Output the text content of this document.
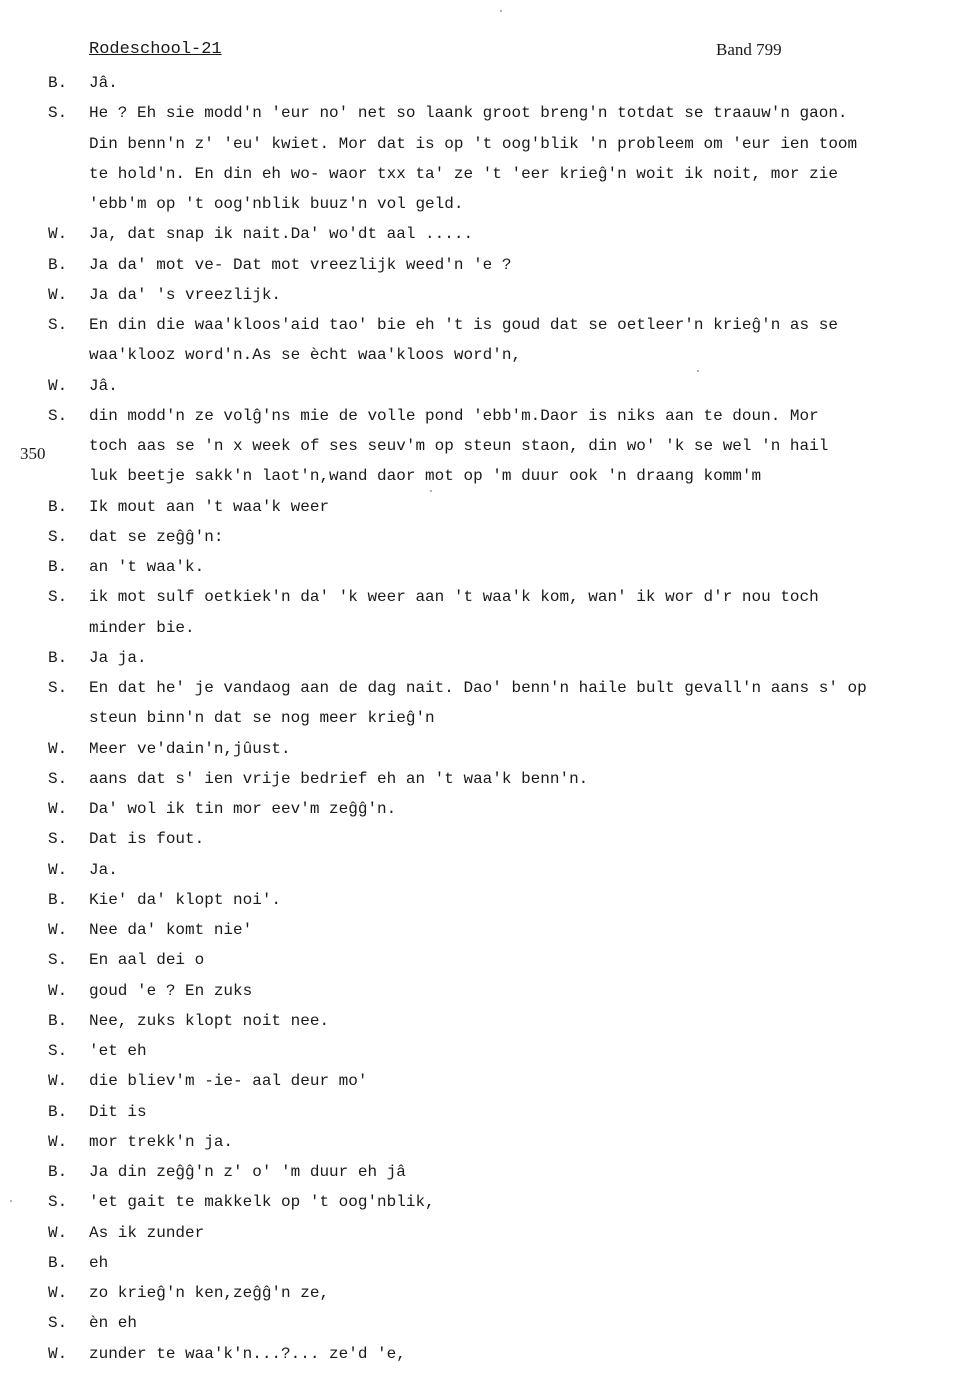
Rodeschool-21	Band 799
350
B. Jâ.
S. He ? Eh sie modd'n 'eur no' net so laank groot breng'n totdat se traauw'n gaon.
Din benn'n z' 'eu' kwiet. Mor dat is op 't oog'blik 'n probleem om 'eur ien toom
te hold'n. En din eh wo- waor txx ta' ze 't 'eer krieĝ'n woit ik noit, mor zie
'ebb'm op 't oog'nblik buuz'n vol geld.
W. Ja, dat snap ik nait.Da' wo'dt aal .....
B. Ja da' mot ve- Dat mot vreezlijk weed'n 'e ?
W. Ja da' 's vreezlijk.
S. En din die waa'kloos'aid tao' bie eh 't is goud dat se oetleer'n krieĝ'n as se
waa'klooz word'n.As se ècht waa'kloos word'n,
W. Jâ.
S. din modd'n ze volĝ'ns mie de volle pond 'ebb'm.Daor is niks aan te doun. Mor
toch aas se 'n x week of ses seuv'm op steun staon, din wo' 'k se wel 'n hail
luk beetje sakk'n laot'n,wand daor mot op 'm duur ook 'n draang komm'm
B. Ik mout aan 't waa'k weer
S. dat se zeĝĝ'n:
B. an 't waa'k.
S. ik mot sulf oetkiek'n da' 'k weer aan 't waa'k kom, wan' ik wor d'r nou toch
minder bie.
B. Ja ja.
S. En dat he' je vandaog aan de dag nait. Dao' benn'n haile bult gevall'n aans s' op
steun binn'n dat se nog meer krieĝ'n
W. Meer ve'dain'n,jûust.
S. aans dat s' ien vrije bedrief eh an 't waa'k benn'n.
W. Da' wol ik tin mor eev'm zeĝĝ'n.
S. Dat is fout.
W. Ja.
B. Kie' da' klopt noi'.
W. Nee da' komt nie'
S. En aal dei o
W. goud 'e ? En zuks
B. Nee, zuks klopt noit nee.
S. 'et eh
W. die bliev'm -ie- aal deur mo'
B. Dit is
W. mor trekk'n ja.
B. Ja din zeĝĝ'n z' o' 'm duur eh jâ
S. 'et gait te makkelk op 't oog'nblik,
W. As ik zunder
B. eh
W. zo krieĝ'n ken,zeĝĝ'n ze,
S. èn eh
W. zunder te waa'k'n...?... ze'd 'e,
